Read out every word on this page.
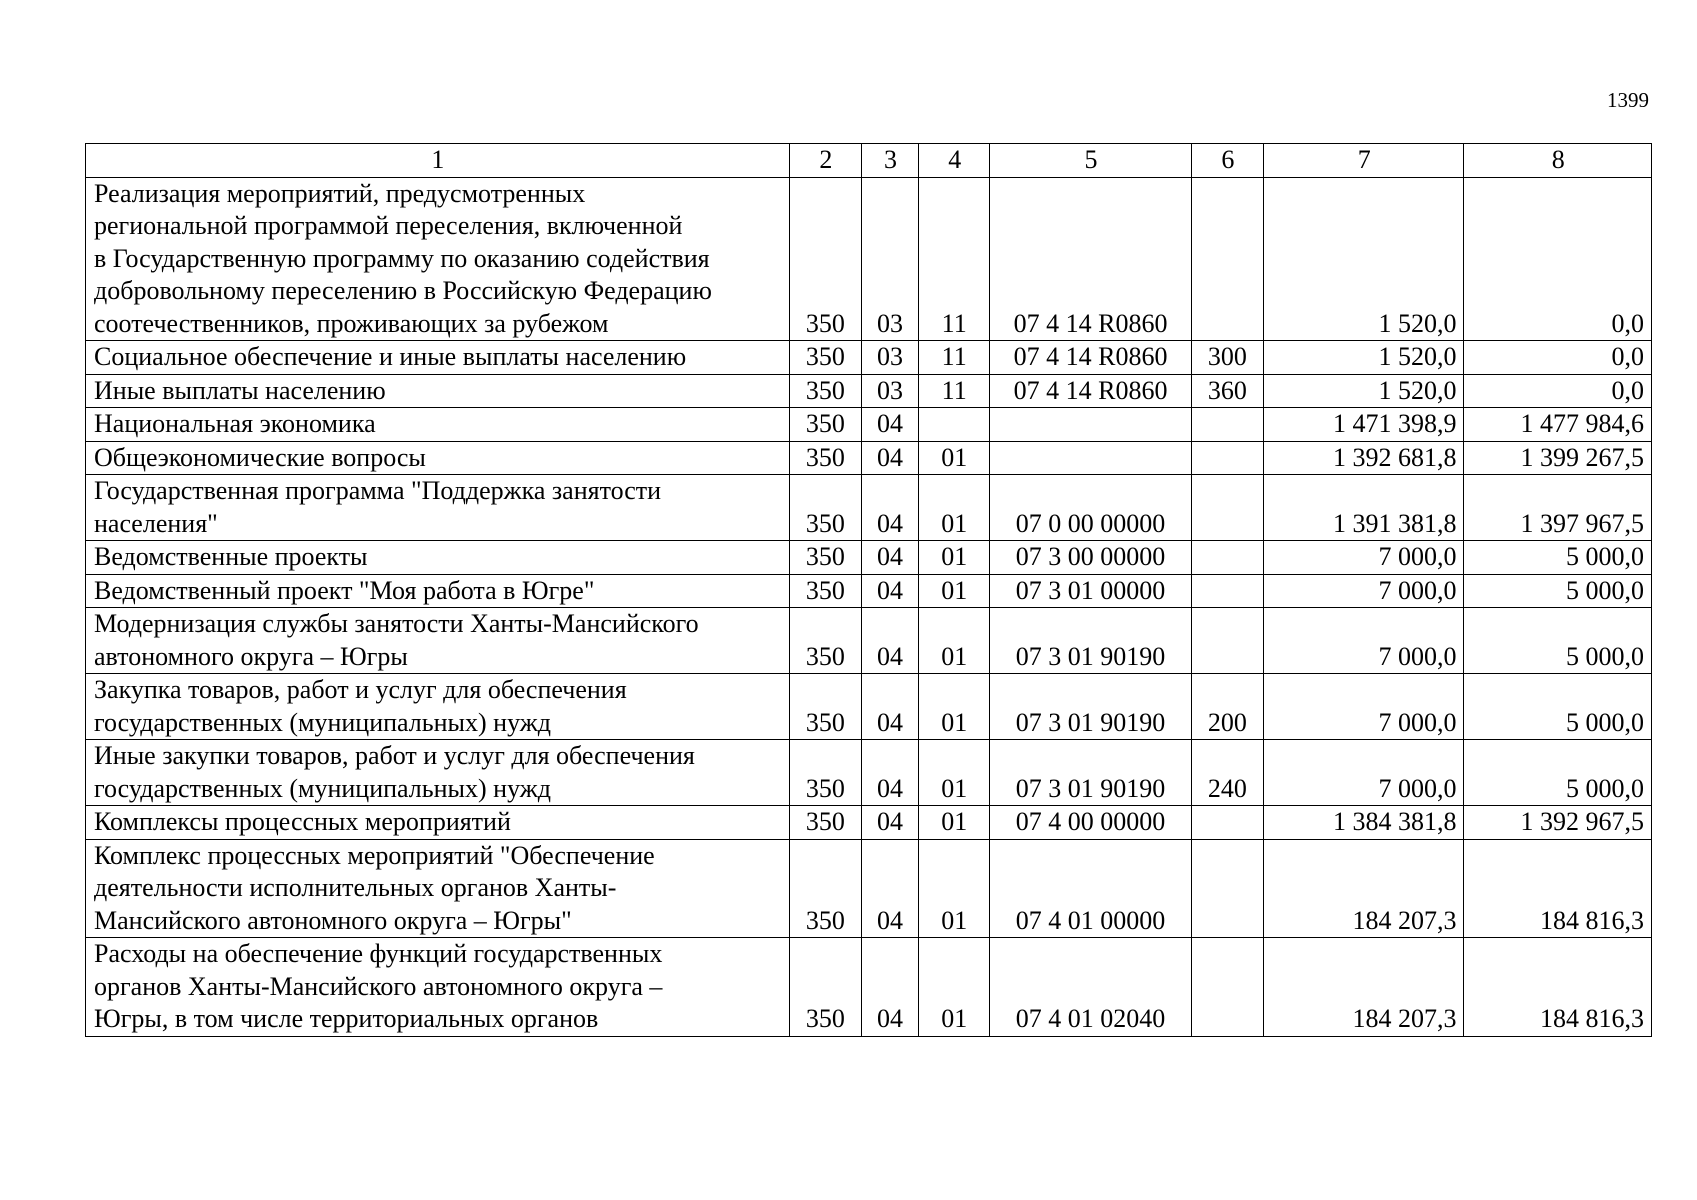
1399
1	2	3	4	5	6	7	8

Реализация мероприятий, предусмотренных
региональной программой переселения, включенной
в Государственную программу по оказанию содействия
добровольному переселению в Российскую Федерацию
соотечественников, проживающих за рубежом	350	03	11	07 4 14 R0860		1 520,0	0,0

Социальное обеспечение и иные выплаты населению	350	03	11	07 4 14 R0860	300	1 520,0	0,0

Иные выплаты населению	350	03	11	07 4 14 R0860	360	1 520,0	0,0

Национальная экономика	350	04				1 471 398,9	1 477 984,6

Общеэкономические вопросы	350	04	01			1 392 681,8	1 399 267,5

Государственная программа "Поддержка занятости
населения"	350	04	01	07 0 00 00000		1 391 381,8	1 397 967,5

Ведомственные проекты	350	04	01	07 3 00 00000		7 000,0	5 000,0

Ведомственный проект "Моя работа в Югре"	350	04	01	07 3 01 00000		7 000,0	5 000,0

Модернизация службы занятости Ханты-Мансийского
автономного округа – Югры	350	04	01	07 3 01 90190		7 000,0	5 000,0

Закупка товаров, работ и услуг для обеспечения
государственных (муниципальных) нужд	350	04	01	07 3 01 90190	200	7 000,0	5 000,0

Иные закупки товаров, работ и услуг для обеспечения
государственных (муниципальных) нужд	350	04	01	07 3 01 90190	240	7 000,0	5 000,0

Комплексы процессных мероприятий	350	04	01	07 4 00 00000		1 384 381,8	1 392 967,5

Комплекс процессных мероприятий "Обеспечение
деятельности исполнительных органов Ханты-
Мансийского автономного округа – Югры"	350	04	01	07 4 01 00000		184 207,3	184 816,3

Расходы на обеспечение функций государственных
органов Ханты-Мансийского автономного округа –
Югры, в том числе территориальных органов	350	04	01	07 4 01 02040		184 207,3	184 816,3
